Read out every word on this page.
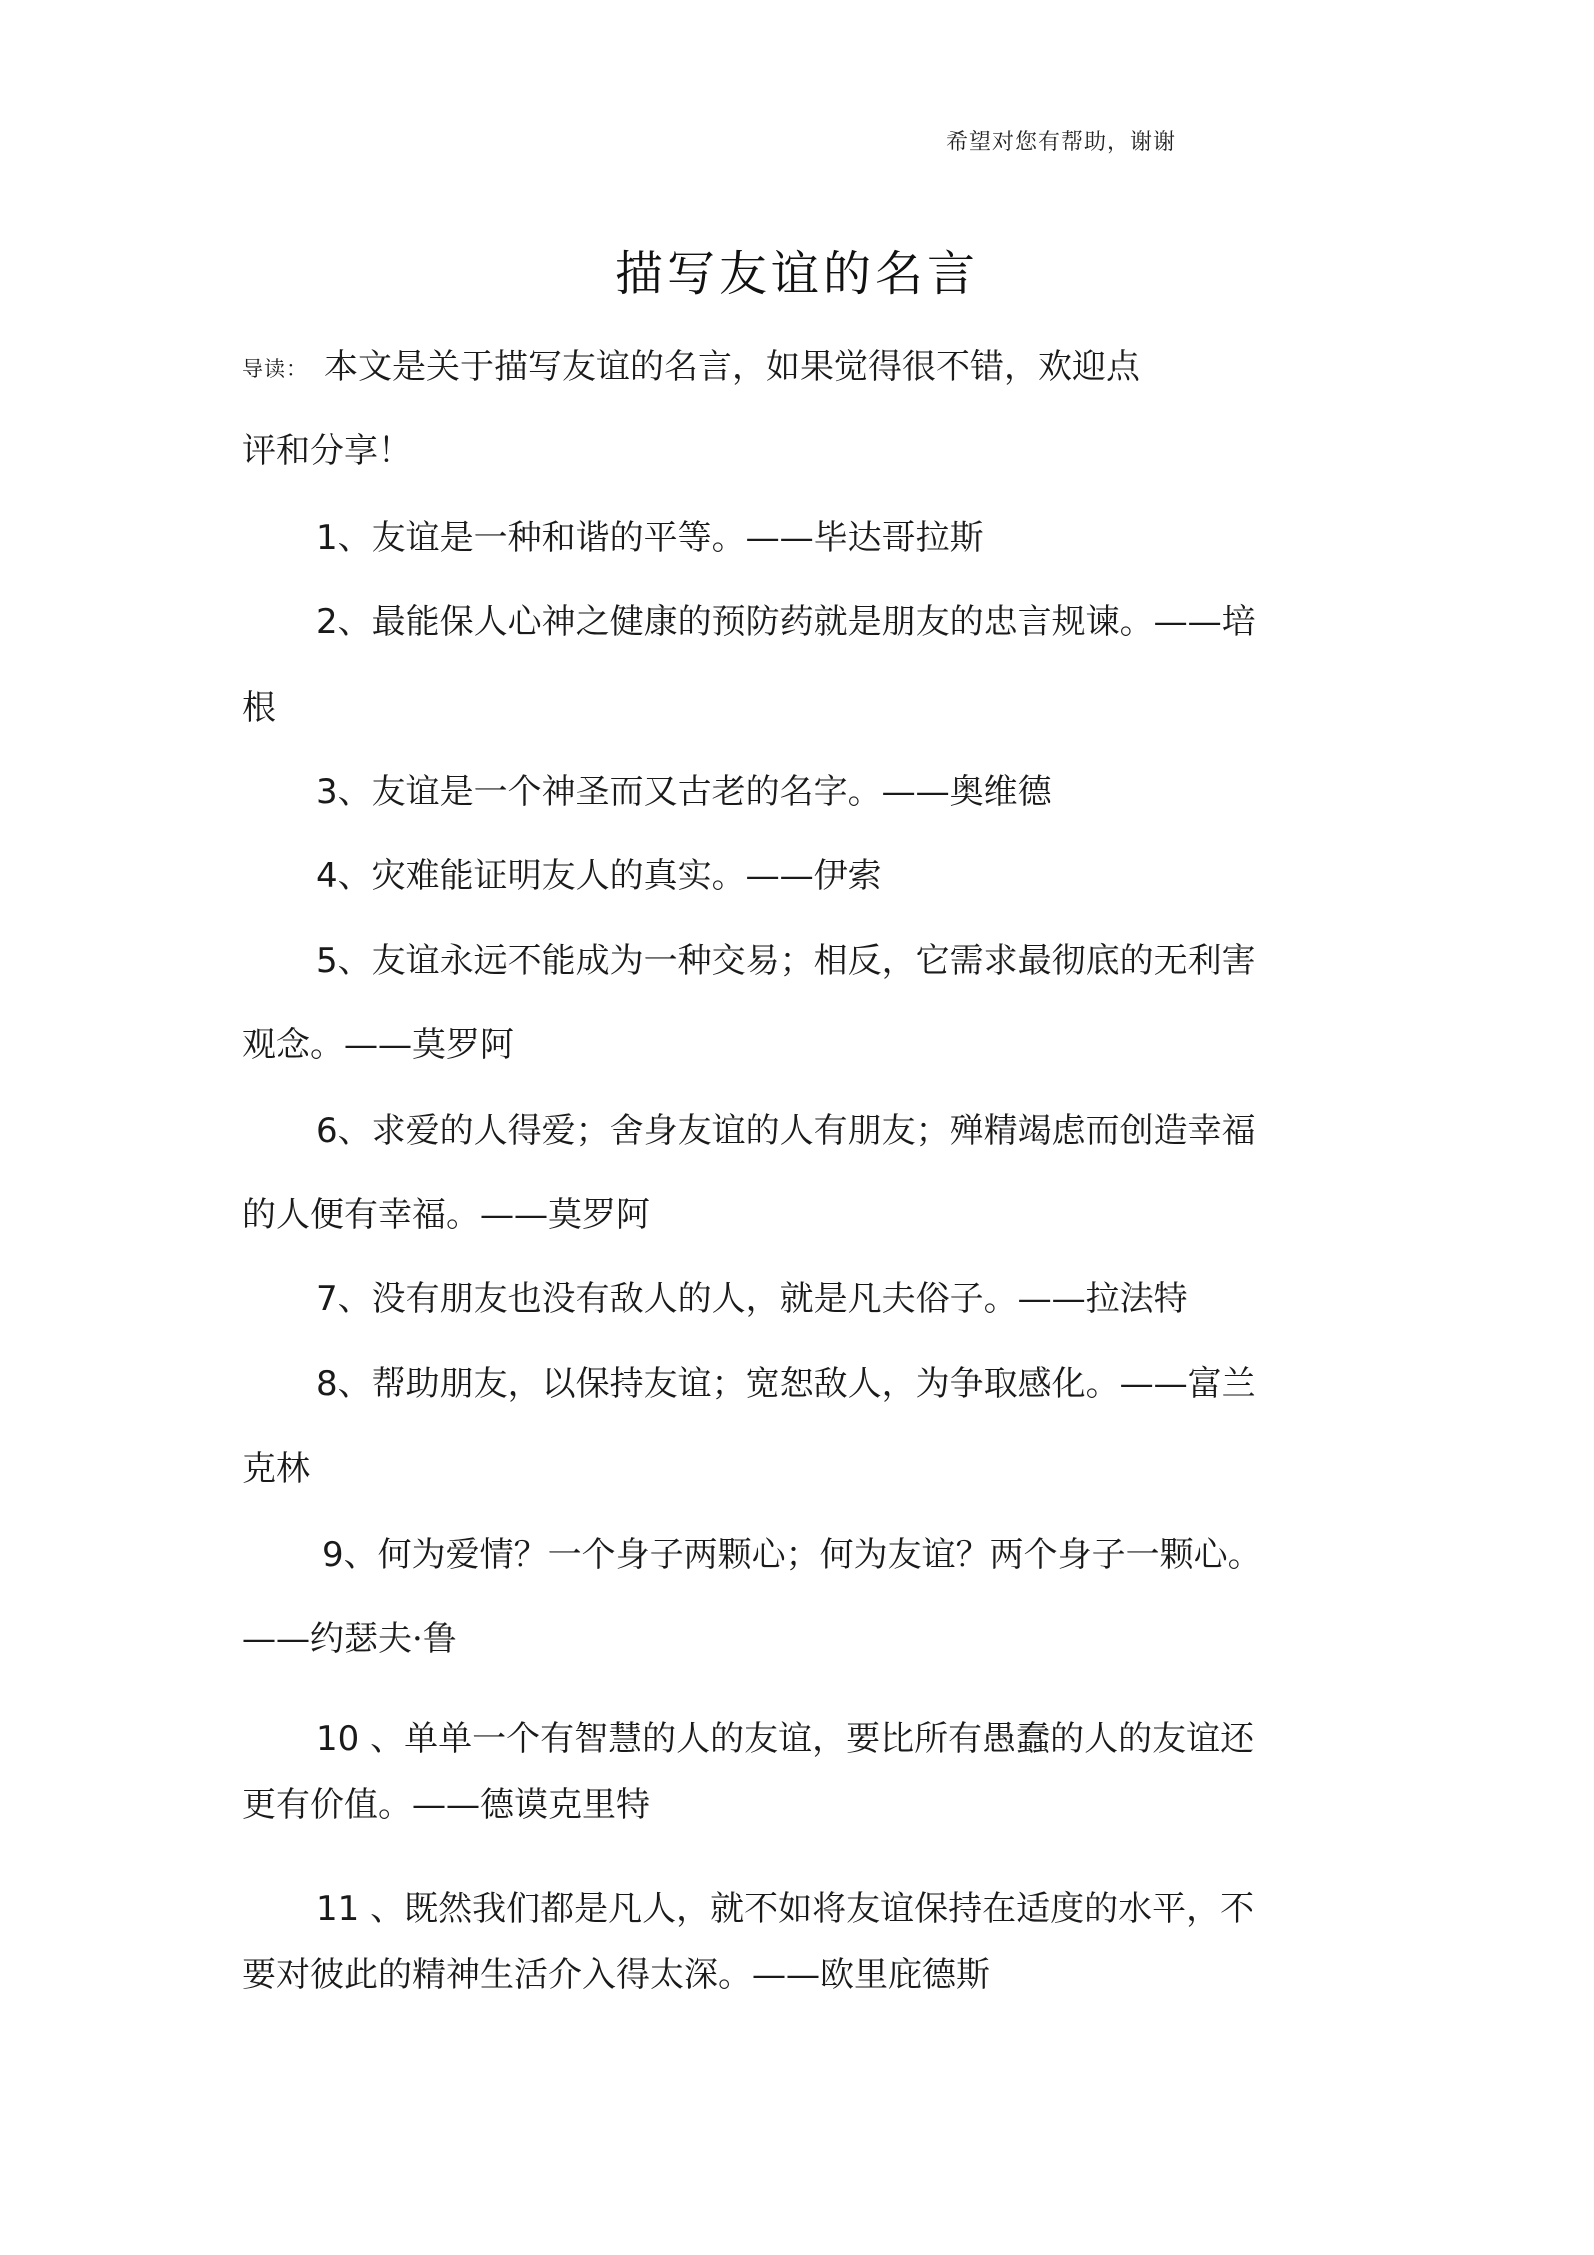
希望对您有帮助，谢谢
描写友谊的名言
导读： 本文是关于描写友谊的名言，如果觉得很不错，欢迎点
评和分享！
1、友谊是一种和谐的平等。——毕达哥拉斯
2、最能保人心神之健康的预防药就是朋友的忠言规谏。——培
根
3、友谊是一个神圣而又古老的名字。——奥维德
4、灾难能证明友人的真实。——伊索
5、友谊永远不能成为一种交易；相反，它需求最彻底的无利害
观念。——莫罗阿
6、求爱的人得爱；舍身友谊的人有朋友；殚精竭虑而创造幸福
的人便有幸福。——莫罗阿
7、没有朋友也没有敌人的人，就是凡夫俗子。——拉法特
8、帮助朋友，以保持友谊；宽恕敌人，为争取感化。——富兰
克林
9、何为爱情？一个身子两颗心；何为友谊？两个身子一颗心。
——约瑟夫·鲁
10 、单单一个有智慧的人的友谊，要比所有愚蠢的人的友谊还
更有价值。——德谟克里特
11 、既然我们都是凡人，就不如将友谊保持在适度的水平，不
要对彼此的精神生活介入得太深。——欧里庇德斯
